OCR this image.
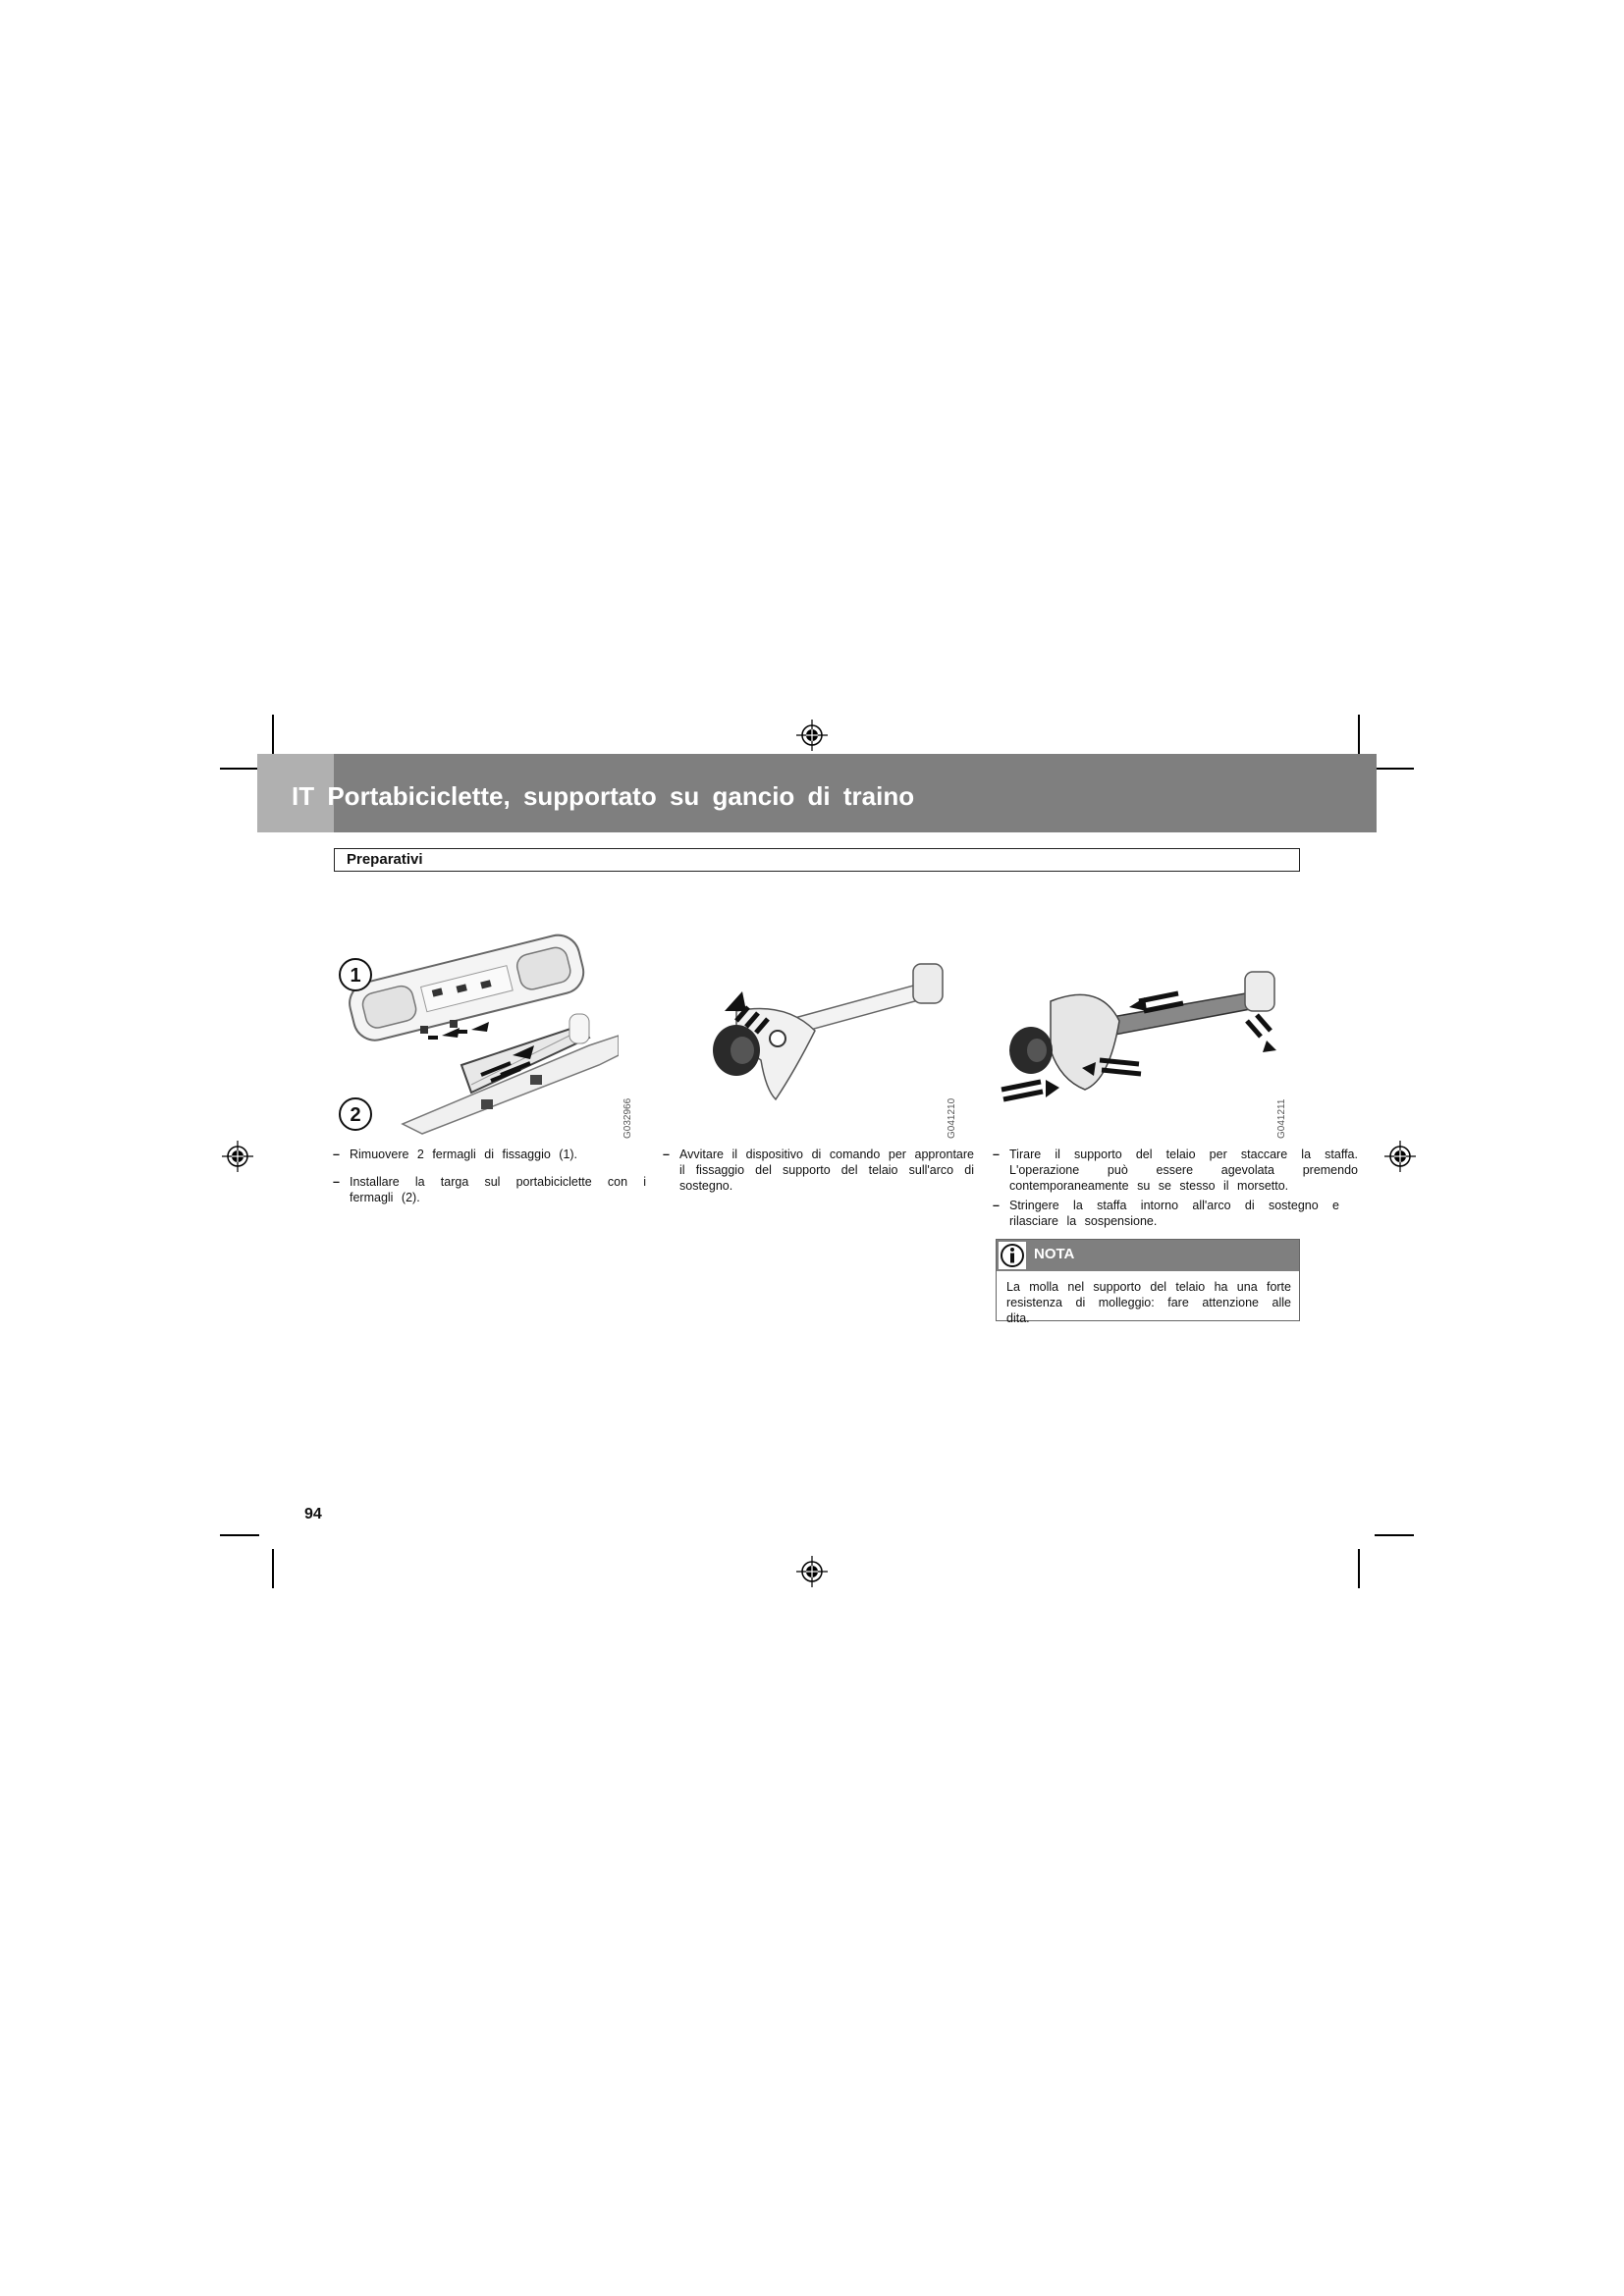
IT Portabiciclette, supportato su gancio di traino
Preparativi
1
2	G032966	G041210	G041211
– Rimuovere 2 fermagli di fissaggio (1).
– Installare la targa sul portabiciclette con i fermagli (2).
– Avvitare il dispositivo di comando per approntare il fissaggio del supporto del telaio sull'arco di sostegno.
– Tirare il supporto del telaio per staccare la staffa. L'operazione può essere agevolata premendo contemporaneamente su se stesso il morsetto.
– Stringere la staffa intorno all'arco di sostegno e rilasciare la sospensione.
NOTA
La molla nel supporto del telaio ha una forte resistenza di molleggio: fare attenzione alle dita.
94
